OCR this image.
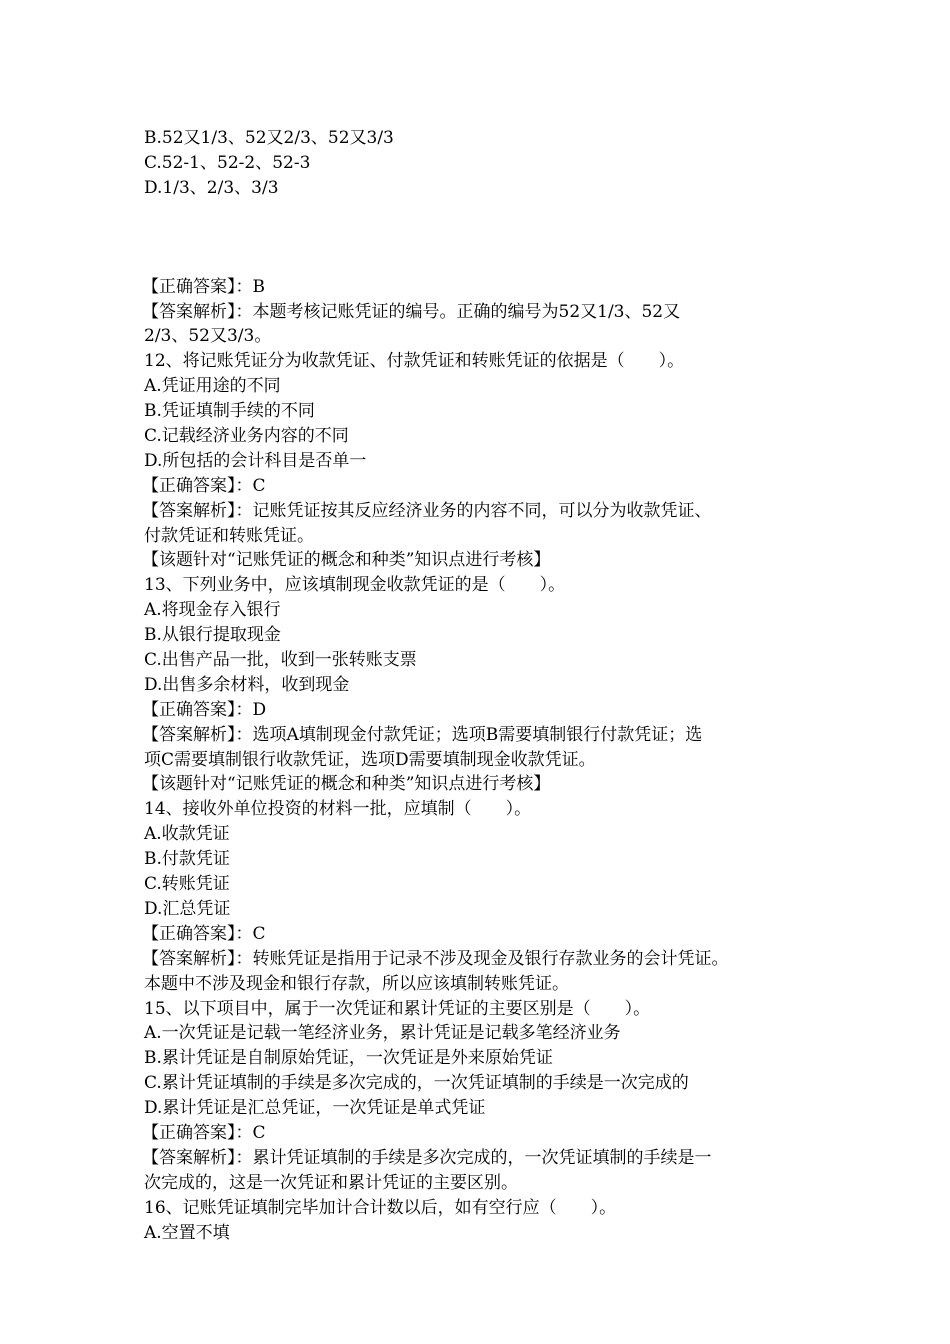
B.52又1/3、52又2/3、52又3/3
C.52-1、52-2、52-3
D.1/3、2/3、3/3
【正确答案】：B
【答案解析】：本题考核记账凭证的编号。正确的编号为52又1/3、52又
2/3、52又3/3。
12、将记账凭证分为收款凭证、付款凭证和转账凭证的依据是（　　）。
A.凭证用途的不同
B.凭证填制手续的不同
C.记载经济业务内容的不同
D.所包括的会计科目是否单一
【正确答案】：C
【答案解析】：记账凭证按其反应经济业务的内容不同，可以分为收款凭证、
付款凭证和转账凭证。
【该题针对“记账凭证的概念和种类”知识点进行考核】
13、下列业务中，应该填制现金收款凭证的是（　　）。
A.将现金存入银行
B.从银行提取现金
C.出售产品一批，收到一张转账支票
D.出售多余材料，收到现金
【正确答案】：D
【答案解析】：选项A填制现金付款凭证；选项B需要填制银行付款凭证；选
项C需要填制银行收款凭证，选项D需要填制现金收款凭证。
【该题针对“记账凭证的概念和种类”知识点进行考核】
14、接收外单位投资的材料一批，应填制（　　）。
A.收款凭证
B.付款凭证
C.转账凭证
D.汇总凭证
【正确答案】：C
【答案解析】：转账凭证是指用于记录不涉及现金及银行存款业务的会计凭证。
本题中不涉及现金和银行存款，所以应该填制转账凭证。
15、以下项目中，属于一次凭证和累计凭证的主要区别是（　　）。
A.一次凭证是记载一笔经济业务，累计凭证是记载多笔经济业务
B.累计凭证是自制原始凭证，一次凭证是外来原始凭证
C.累计凭证填制的手续是多次完成的，一次凭证填制的手续是一次完成的
D.累计凭证是汇总凭证，一次凭证是单式凭证
【正确答案】：C
【答案解析】：累计凭证填制的手续是多次完成的，一次凭证填制的手续是一
次完成的，这是一次凭证和累计凭证的主要区别。
16、记账凭证填制完毕加计合计数以后，如有空行应（　　）。
A.空置不填
